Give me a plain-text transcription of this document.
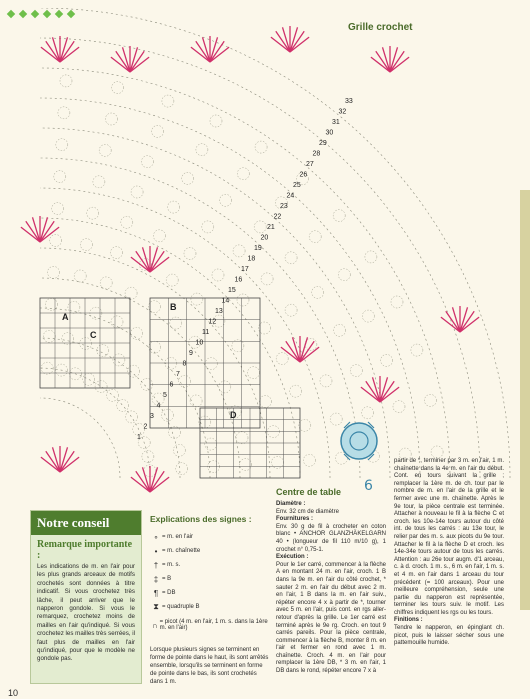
Grille crochet
33
32
31
30
29
28
27
26
25
24
23
22
21
20
19
18
17
16
15
14
13
12
11
10
9
8
7
6
5
4
3
2
1
A
B
C
D
6
Notre conseil
Remarque importante :
Les indications de m. en l'air pour les plus grands arceaux de motifs crochetés sont données à titre indicatif. Si vous crochetez très lâche, il peut arriver que le napperon gondole. Si vous le remarquez, crochetez moins de mailles en l'air qu'indiqué. Si vous crochetez les mailles très serrées, il faut plus de mailles en l'air qu'indiqué, pour que le modèle ne gondole pas.
Explications des signes :
∘ = m. en l'air
• = m. chaînette
† = m. s.
‡ = B
¶ = DB
⧗ = quadruple B
∩ = picot (4 m. en l'air, 1 m. s. dans la 1ère m. en l'air)
Lorsque plusieurs signes se terminent en forme de pointe dans le haut, ils sont arrêtés ensemble, lorsqu'ils se terminent en forme de pointe dans le bas, ils sont crochetés dans 1 m.
Centre de table

Diamètre :

Env. 32 cm de diamètre

Fournitures :

Env. 30 g de fil à crocheter en coton blanc • ANCHOR GLANZHÄKELGARN 40 • (longueur de fil 110 m/10 g), 1 crochet n° 0,75-1.

Exécution :

Pour le 1er carré, commencer à la flèche A en montant 24 m. en l'air, croch. 1 B dans la 9e m. en l'air du côté crochet, * sauter 2 m. en l'air du début avec 2 m. en l'air, 1 B dans la m. en l'air suiv., répéter encore 4 x à partir de *, tourner avec 5 m. en l'air, puis cont. en rgs aller-retour d'après la grille. Le 1er carré est terminé après le 9e rg. Croch. en tout 9 carrés pareils. Pour la pièce centrale, commencer à la flèche B, monter 8 m. en l'air et fermer en rond avec 1 m. chaînette. Croch. 4 m. en l'air pour remplacer la 1ère DB, * 3 m. en l'air, 1 DB dans le rond, répéter encore 7 x à

partir de *, terminer par 3 m. en l'air, 1 m. chaînette dans la 4e m. en l'air du début. Cont. en tours suivant la grille ; remplacer la 1ère m. de ch. tour par le nombre de m. en l'air de la grille et le fermer avec une m. chaînette. Après le 9e tour, la pièce centrale est terminée. Attacher à nouveau le fil à la flèche C et croch. les 10e-14e tours autour du côté int. de tous les carrés : au 13e tour, le relier par des m. s. aux picots du 9e tour. Attacher le fil à la flèche D et croch. les 14e-34e tours autour de tous les carrés. Attention : au 26e tour augm. d'1 arceau, c. à d. croch. 1 m. s., 6 m. en l'air, 1 m. s. et 4 m. en l'air dans 1 arceau du tour précédent (= 100 arceaux). Pour une meilleure compréhension, seule une partie du napperon est représentée, terminer les tours suiv. le motif. Les chiffres indiquent les rgs ou les tours.

Finitions :

Tendre le napperon, en épinglant ch. picot, puis le laisser sécher sous une pattemouille humide.

10
